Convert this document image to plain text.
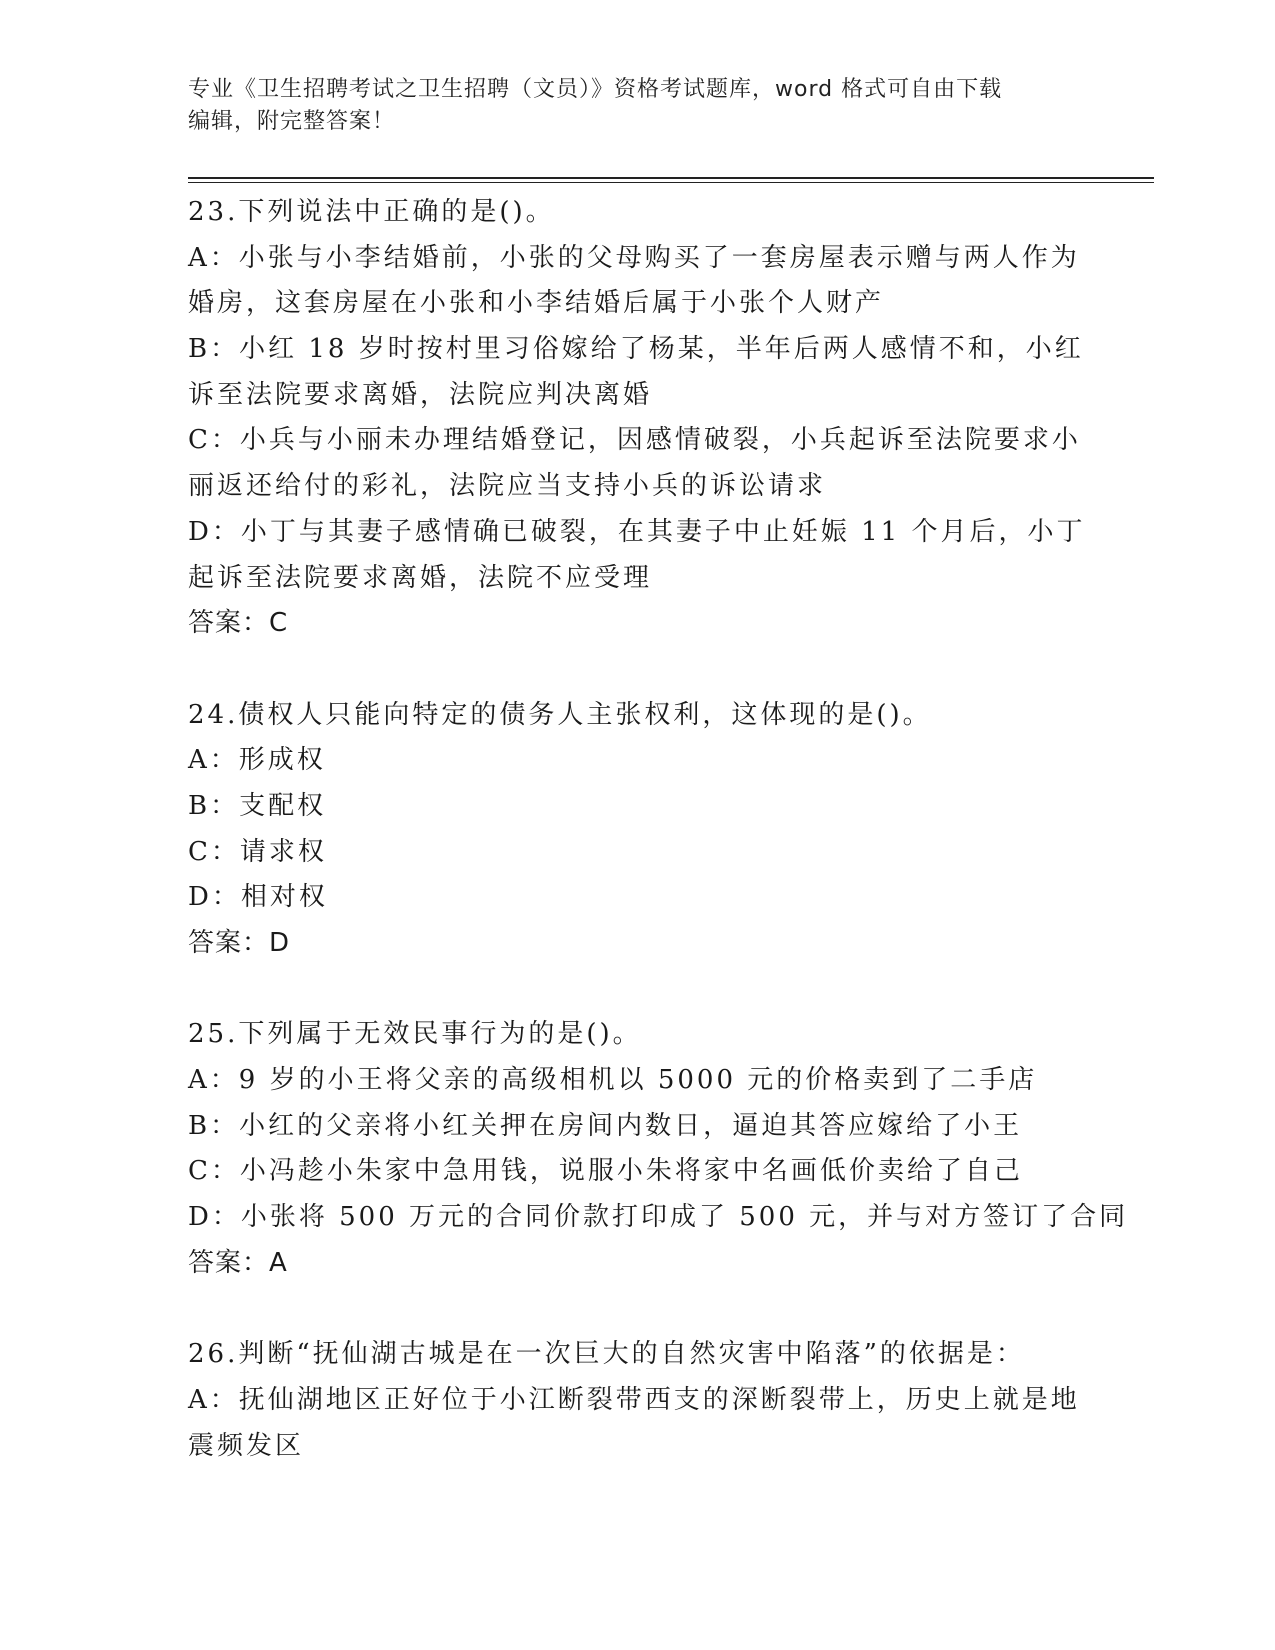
专业《卫生招聘考试之卫生招聘（文员）》资格考试题库，word 格式可自由下载
编辑，附完整答案！
23.下列说法中正确的是()。
A：小张与小李结婚前，小张的父母购买了一套房屋表示赠与两人作为
婚房，这套房屋在小张和小李结婚后属于小张个人财产
B：小红 18 岁时按村里习俗嫁给了杨某，半年后两人感情不和，小红
诉至法院要求离婚，法院应判决离婚
C：小兵与小丽未办理结婚登记，因感情破裂，小兵起诉至法院要求小
丽返还给付的彩礼，法院应当支持小兵的诉讼请求
D：小丁与其妻子感情确已破裂，在其妻子中止妊娠 11 个月后，小丁
起诉至法院要求离婚，法院不应受理
答案：C
24.债权人只能向特定的债务人主张权利，这体现的是()。
A：形成权
B：支配权
C：请求权
D：相对权
答案：D
25.下列属于无效民事行为的是()。
A：9 岁的小王将父亲的高级相机以 5000 元的价格卖到了二手店
B：小红的父亲将小红关押在房间内数日，逼迫其答应嫁给了小王
C：小冯趁小朱家中急用钱，说服小朱将家中名画低价卖给了自己
D：小张将 500 万元的合同价款打印成了 500 元，并与对方签订了合同
答案：A
26.判断“抚仙湖古城是在一次巨大的自然灾害中陷落”的依据是：
A：抚仙湖地区正好位于小江断裂带西支的深断裂带上，历史上就是地
震频发区
